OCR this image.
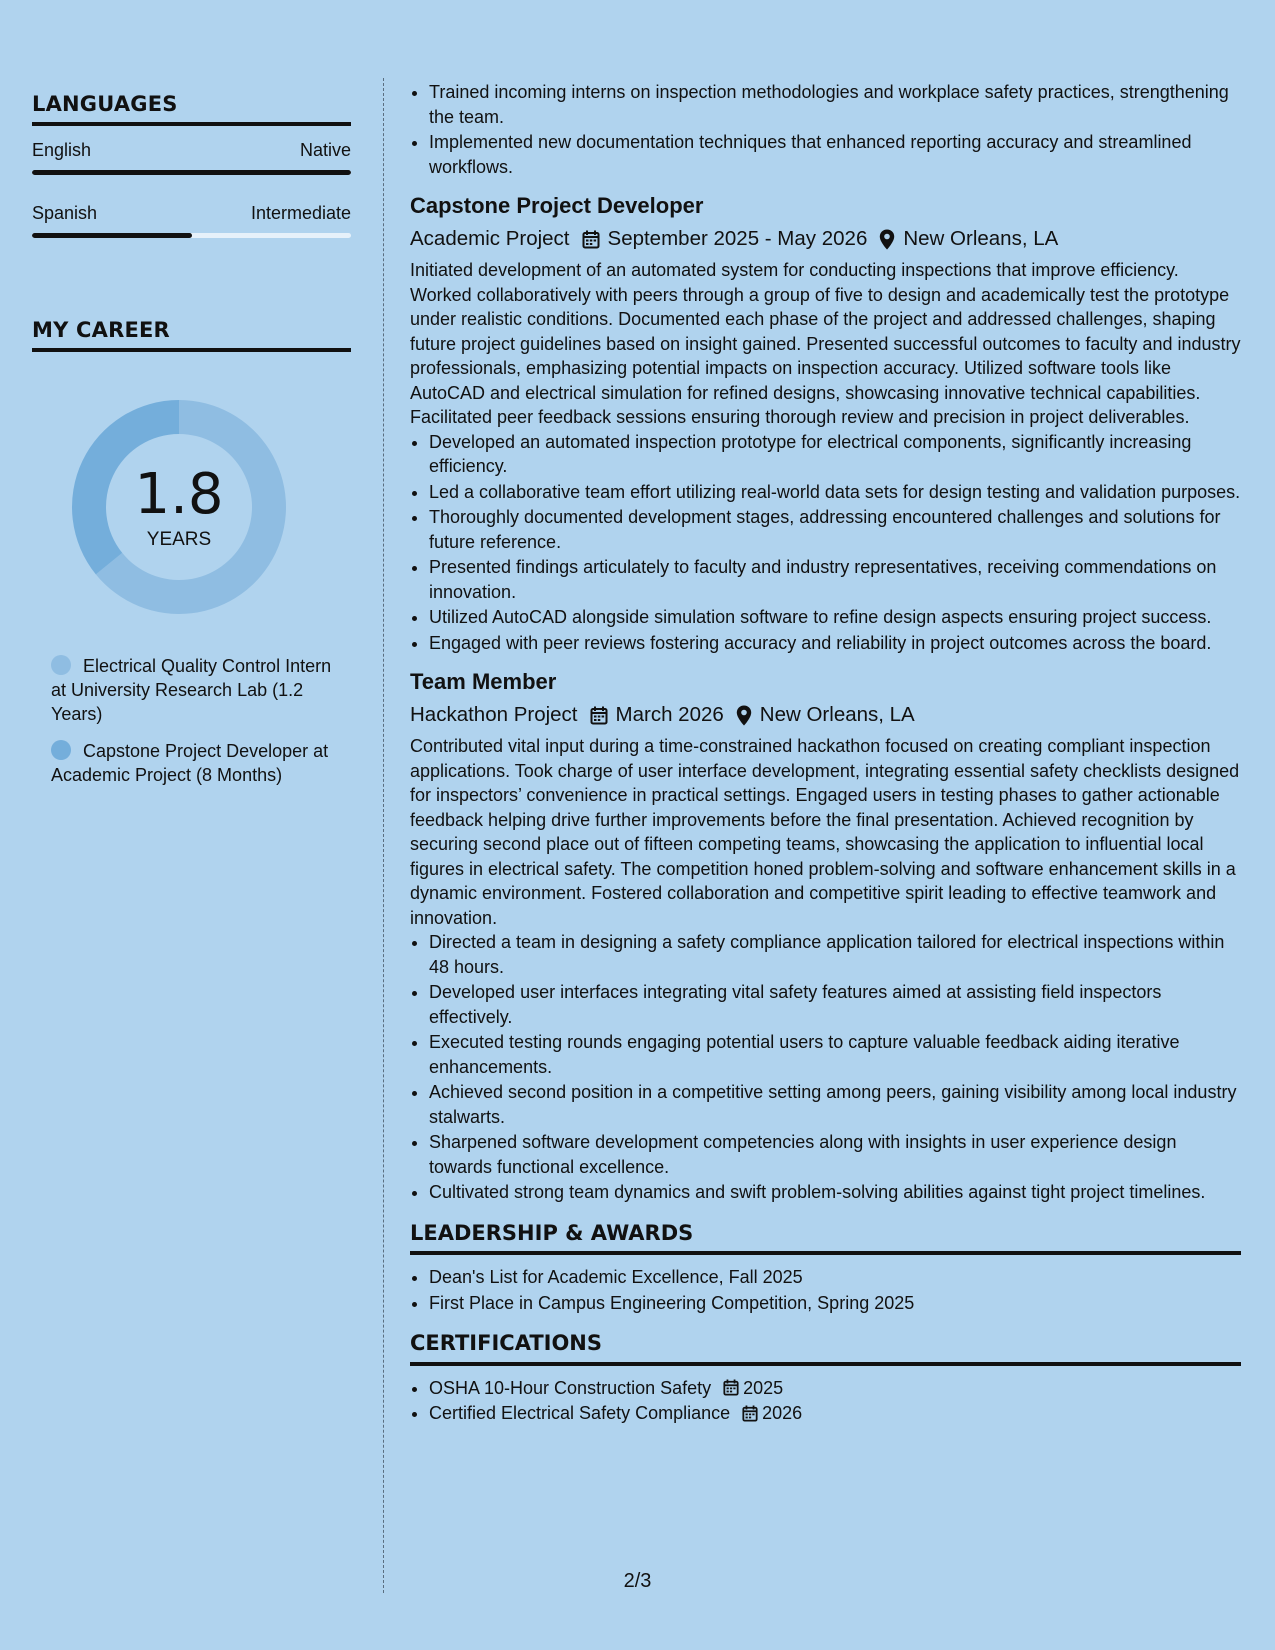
LANGUAGES
English	Native
Spanish	Intermediate
MY CAREER
1.8
YEARS
Electrical Quality Control Intern at University Research Lab (1.2 Years)
Capstone Project Developer at Academic Project (8 Months)
• Trained incoming interns on inspection methodologies and workplace safety practices, strengthening the team.
• Implemented new documentation techniques that enhanced reporting accuracy and streamlined workflows.
Capstone Project Developer
Academic Project September 2025 - May 2026 New Orleans, LA
Initiated development of an automated system for conducting inspections that improve efficiency. Worked collaboratively with peers through a group of five to design and academically test the prototype under realistic conditions. Documented each phase of the project and addressed challenges, shaping future project guidelines based on insight gained. Presented successful outcomes to faculty and industry professionals, emphasizing potential impacts on inspection accuracy. Utilized software tools like AutoCAD and electrical simulation for refined designs, showcasing innovative technical capabilities. Facilitated peer feedback sessions ensuring thorough review and precision in project deliverables.
• Developed an automated inspection prototype for electrical components, significantly increasing efficiency.
• Led a collaborative team effort utilizing real-world data sets for design testing and validation purposes.
• Thoroughly documented development stages, addressing encountered challenges and solutions for future reference.
• Presented findings articulately to faculty and industry representatives, receiving commendations on innovation.
• Utilized AutoCAD alongside simulation software to refine design aspects ensuring project success.
• Engaged with peer reviews fostering accuracy and reliability in project outcomes across the board.
Team Member
Hackathon Project March 2026 New Orleans, LA
Contributed vital input during a time-constrained hackathon focused on creating compliant inspection applications. Took charge of user interface development, integrating essential safety checklists designed for inspectors’ convenience in practical settings. Engaged users in testing phases to gather actionable feedback helping drive further improvements before the final presentation. Achieved recognition by securing second place out of fifteen competing teams, showcasing the application to influential local figures in electrical safety. The competition honed problem-solving and software enhancement skills in a dynamic environment. Fostered collaboration and competitive spirit leading to effective teamwork and innovation.
• Directed a team in designing a safety compliance application tailored for electrical inspections within 48 hours.
• Developed user interfaces integrating vital safety features aimed at assisting field inspectors effectively.
• Executed testing rounds engaging potential users to capture valuable feedback aiding iterative enhancements.
• Achieved second position in a competitive setting among peers, gaining visibility among local industry stalwarts.
• Sharpened software development competencies along with insights in user experience design towards functional excellence.
• Cultivated strong team dynamics and swift problem-solving abilities against tight project timelines.
LEADERSHIP & AWARDS
• Dean's List for Academic Excellence, Fall 2025
• First Place in Campus Engineering Competition, Spring 2025
CERTIFICATIONS
• OSHA 10-Hour Construction Safety 2025
• Certified Electrical Safety Compliance 2026
2/3
